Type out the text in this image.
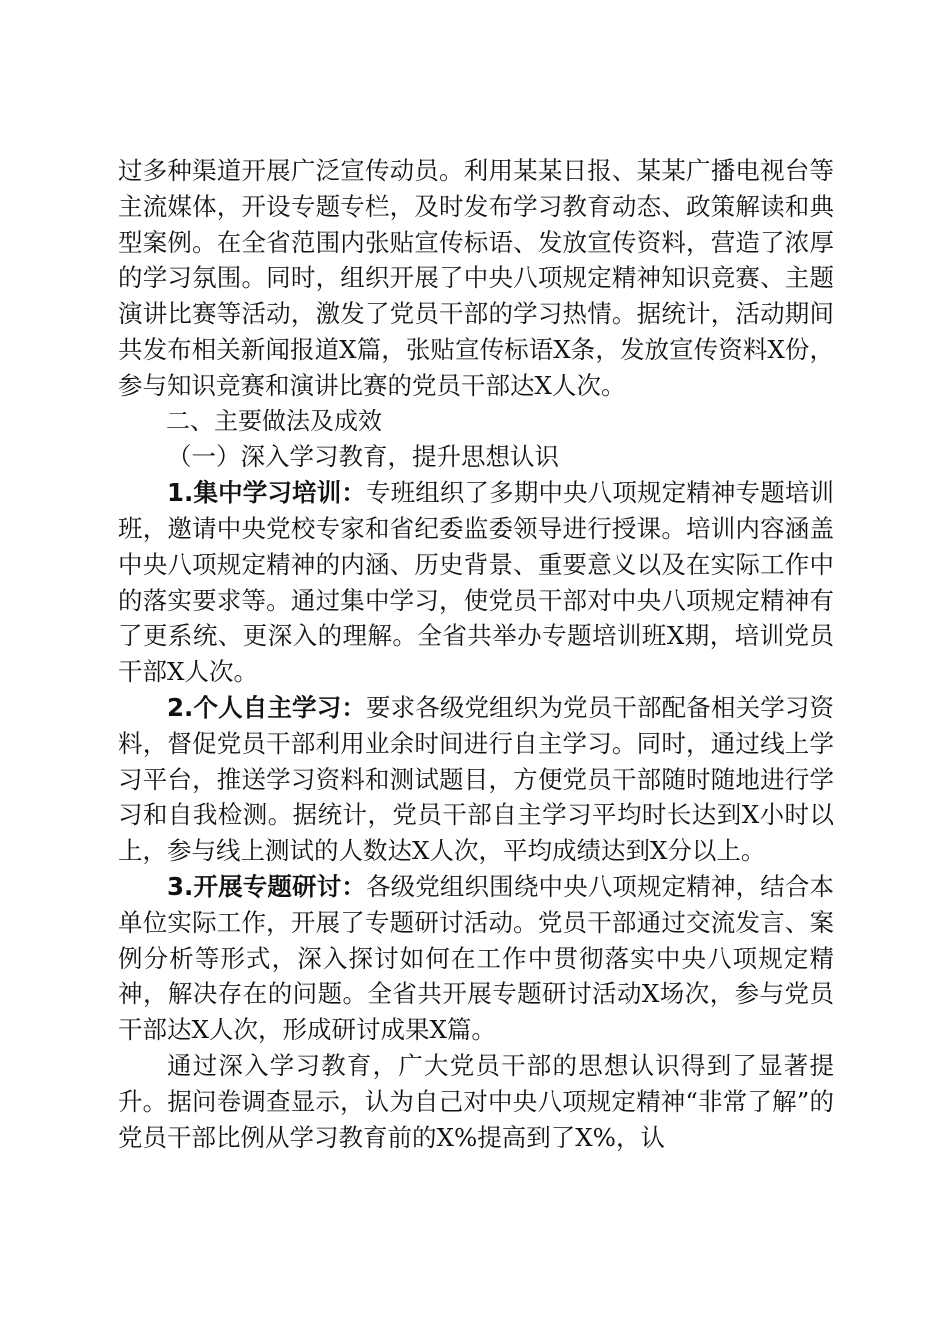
过多种渠道开展广泛宣传动员。利用某某日报、某某广播电视台等主流媒体，开设专题专栏，及时发布学习教育动态、政策解读和典型案例。在全省范围内张贴宣传标语、发放宣传资料，营造了浓厚的学习氛围。同时，组织开展了中央八项规定精神知识竞赛、主题演讲比赛等活动，激发了党员干部的学习热情。据统计，活动期间共发布相关新闻报道X篇，张贴宣传标语X条，发放宣传资料X份，参与知识竞赛和演讲比赛的党员干部达X人次。

二、主要做法及成效

（一）深入学习教育，提升思想认识

1.集中学习培训：专班组织了多期中央八项规定精神专题培训班，邀请中央党校专家和省纪委监委领导进行授课。培训内容涵盖中央八项规定精神的内涵、历史背景、重要意义以及在实际工作中的落实要求等。通过集中学习，使党员干部对中央八项规定精神有了更系统、更深入的理解。全省共举办专题培训班X期，培训党员干部X人次。

2.个人自主学习：要求各级党组织为党员干部配备相关学习资料，督促党员干部利用业余时间进行自主学习。同时，通过线上学习平台，推送学习资料和测试题目，方便党员干部随时随地进行学习和自我检测。据统计，党员干部自主学习平均时长达到X小时以上，参与线上测试的人数达X人次，平均成绩达到X分以上。

3.开展专题研讨：各级党组织围绕中央八项规定精神，结合本单位实际工作，开展了专题研讨活动。党员干部通过交流发言、案例分析等形式，深入探讨如何在工作中贯彻落实中央八项规定精神，解决存在的问题。全省共开展专题研讨活动X场次，参与党员干部达X人次，形成研讨成果X篇。

通过深入学习教育，广大党员干部的思想认识得到了显著提升。据问卷调查显示，认为自己对中央八项规定精神“非常了解”的党员干部比例从学习教育前的X%提高到了X%，认
